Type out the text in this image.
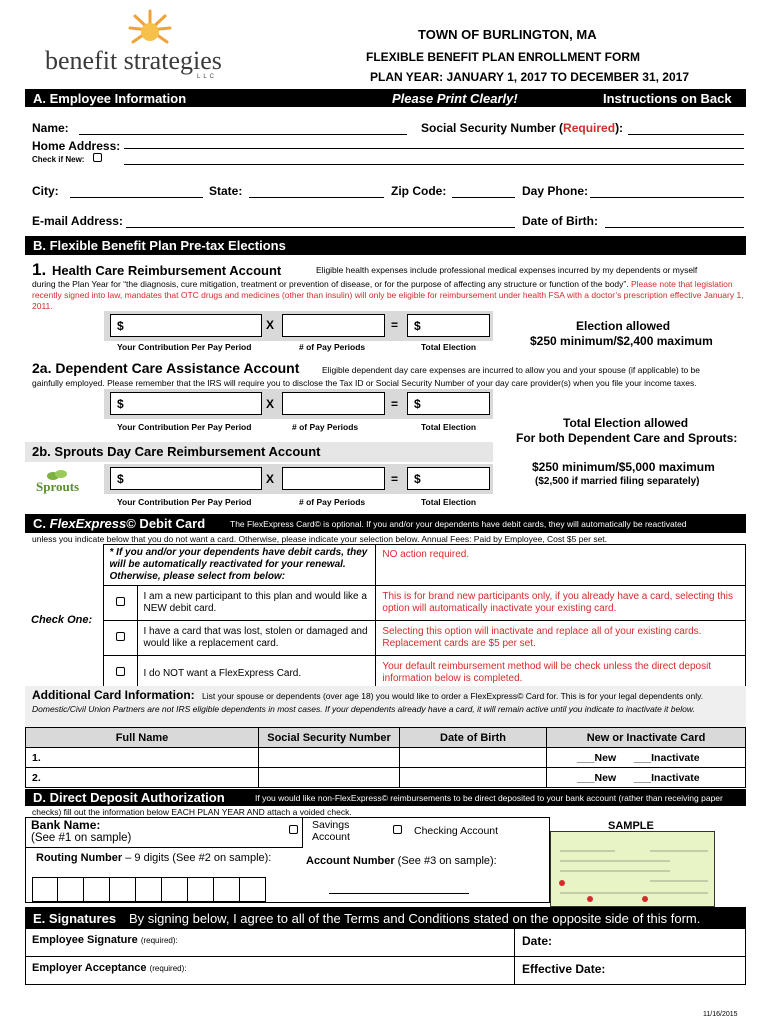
benefit strategies
LLC
TOWN OF BURLINGTON, MA
FLEXIBLE BENEFIT PLAN ENROLLMENT FORM
PLAN YEAR: JANUARY 1, 2017 TO DECEMBER 31, 2017
A. Employee Information	Please Print Clearly!	Instructions on Back
Name:	Social Security Number (Required):
Home Address:
Check if New:
City:	State:	Zip Code:	Day Phone:
E-mail Address:	Date of Birth:
B. Flexible Benefit Plan Pre-tax Elections
1. Health Care Reimbursement Account	Eligible health expenses include professional medical expenses incurred by my dependents or myself
during the Plan Year for “the diagnosis, cure mitigation, treatment or prevention of disease, or for the purpose of affecting any structure or function of the body”. Please note that legislation recently signed into law, mandates that OTC drugs and medicines (other than insulin) will only be eligible for reimbursement under health FSA with a doctor’s prescription effective January 1, 2011.
$	X	= $
Your Contribution Per Pay Period	# of Pay Periods	Total Election
Election allowed
$250 minimum/$2,400 maximum
2a. Dependent Care Assistance Account	Eligible dependent day care expenses are incurred to allow you and your spouse (if applicable) to be
gainfully employed. Please remember that the IRS will require you to disclose the Tax ID or Social Security Number of your day care provider(s) when you file your income taxes.
$	X	= $
Your Contribution Per Pay Period	# of Pay Periods	Total Election	Total Election allowed
For both Dependent Care and Sprouts:
2b. Sprouts Day Care Reimbursement Account
Sprouts	$	X	= $
Your Contribution Per Pay Period	# of Pay Periods	Total Election
$250 minimum/$5,000 maximum
($2,500 if married filing separately)
C. FlexExpress© Debit Card	The FlexExpress Card© is optional. If you and/or your dependents have debit cards, they will automatically be reactivated
unless you indicate below that you do not want a card. Otherwise, please indicate your selection below. Annual Fees: Paid by Employee, Cost $5 per set.
	* If you and/or your dependents have debit cards, they will be automatically reactivated for your renewal. Otherwise, please select from below:		NO action required.
Check One:		I am a new participant to this plan and would like a NEW debit card.	This is for brand new participants only, if you already have a card, selecting this option will automatically inactivate your existing card.
		I have a card that was lost, stolen or damaged and would like a replacement card.	Selecting this option will inactivate and replace all of your existing cards. Replacement cards are $5 per set.
		I do NOT want a FlexExpress Card.	Your default reimbursement method will be check unless the direct deposit information below is completed.
Additional Card Information: List your spouse or dependents (over age 18) you would like to order a FlexExpress© Card for. This is for your legal dependents only.
Domestic/Civil Union Partners are not IRS eligible dependents in most cases. If your dependents already have a card, it will remain active until you indicate to inactivate it below.
Full Name	Social Security Number	Date of Birth	New or Inactivate Card
1.			___New ___Inactivate
2.			___New ___Inactivate
D. Direct Deposit Authorization	If you would like non-FlexExpress© reimbursements to be direct deposited to your bank account (rather than receiving paper
checks) fill out the information below EACH PLAN YEAR AND attach a voided check.
Bank Name:
(See #1 on sample)
Savings Account	Checking Account
Routing Number – 9 digits (See #2 on sample):	Account Number (See #3 on sample):
SAMPLE
E. Signatures By signing below, I agree to all of the Terms and Conditions stated on the opposite side of this form.
Employee Signature (required):	Date:
Employer Acceptance (required):	Effective Date:
11/16/2015
